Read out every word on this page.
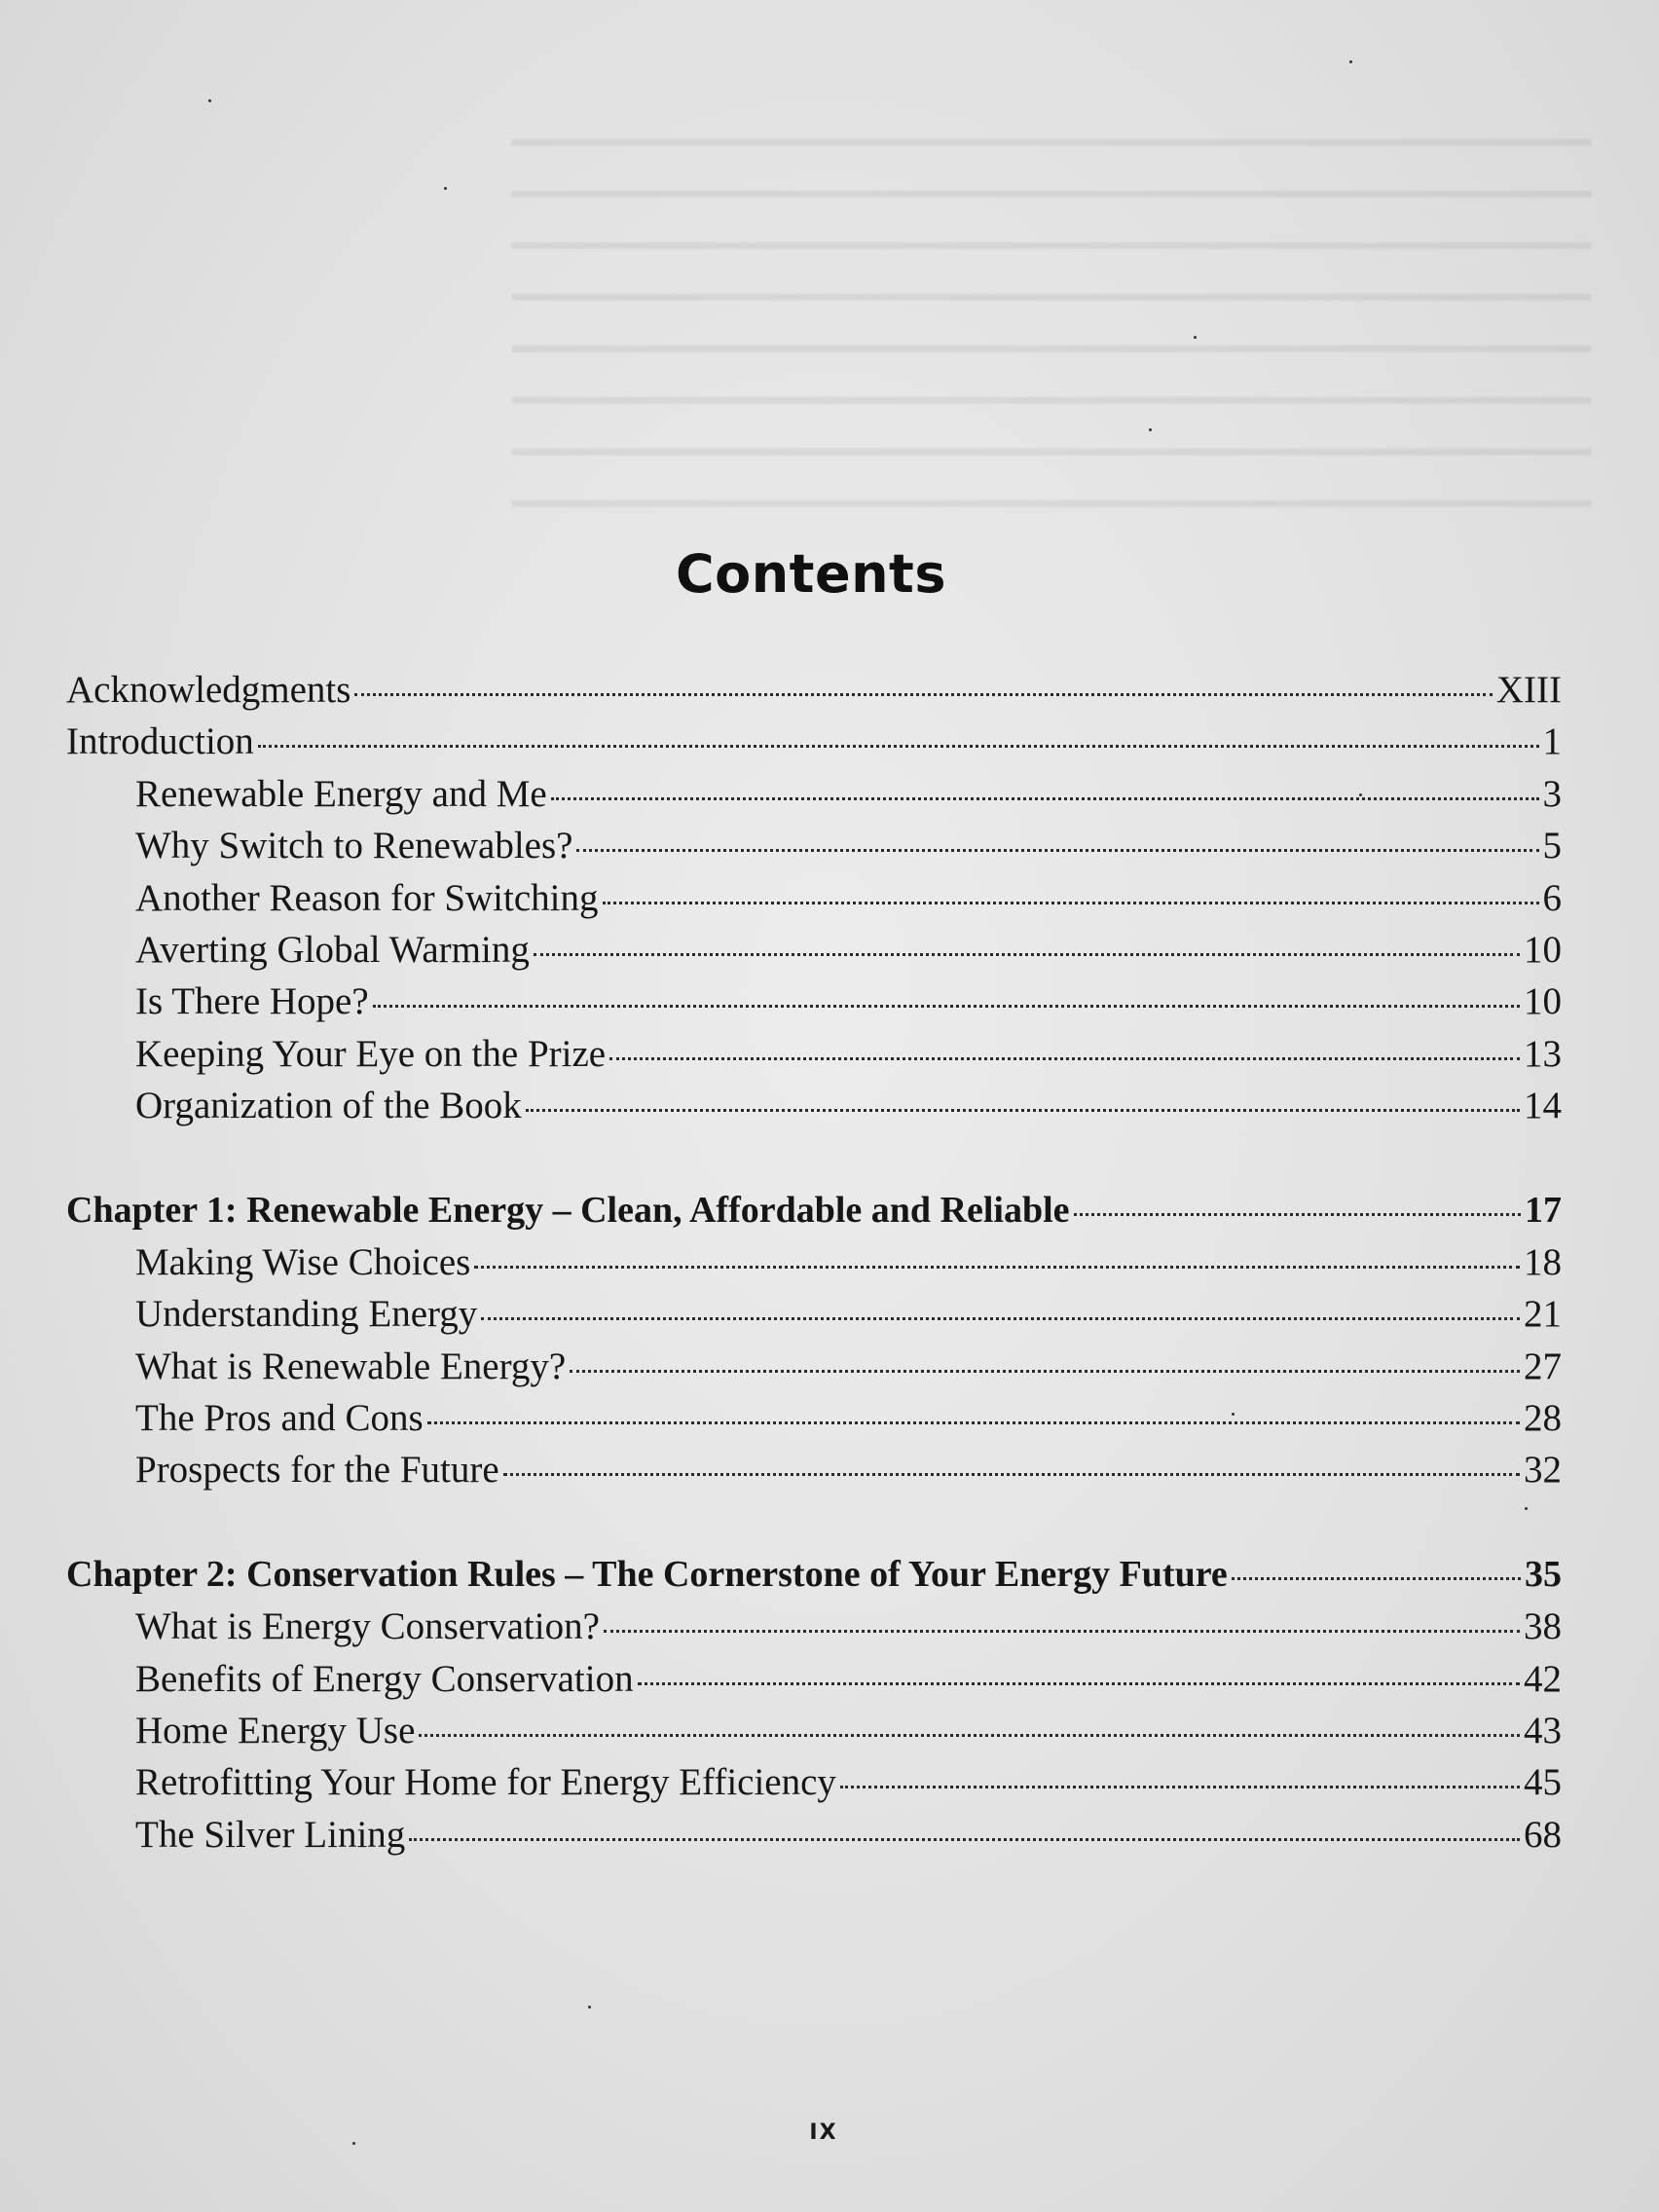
━━━━━━━━━━━━━━━━━━━━━━━━━━━━━━━━━━━━━━━━━━━━━━
━━━━━━━━━━━━━━━━━━━━━━━━━━━━━━━━━━━━━━━━━━━━━━
━━━━━━━━━━━━━━━━━━━━━━━━━━━━━━━━━━━━━━━━━━━━━━
━━━━━━━━━━━━━━━━━━━━━━━━━━━━━━━━━━━━━━━━━━━━━━
━━━━━━━━━━━━━━━━━━━━━━━━━━━━━━━━━━━━━━━━━━━━━━
━━━━━━━━━━━━━━━━━━━━━━━━━━━━━━━━━━━━━━━━━━━━━━
━━━━━━━━━━━━━━━━━━━━━━━━━━━━━━━━━━━━━━━━━━━━━━
━━━━━━━━━━━━━━━━━━━━━━━━━━━━━━━━━━━━━━━━━━━━━━
Contents
Acknowledgments	XIII
Introduction	1
Renewable Energy and Me	3
Why Switch to Renewables?	5
Another Reason for Switching	6
Averting Global Warming	10
Is There Hope?	10
Keeping Your Eye on the Prize	13
Organization of the Book	14
Chapter 1: Renewable Energy – Clean, Affordable and Reliable	17
Making Wise Choices	18
Understanding Energy	21
What is Renewable Energy?	27
The Pros and Cons	28
Prospects for the Future	32
Chapter 2: Conservation Rules – The Cornerstone of Your Energy Future	35
What is Energy Conservation?	38
Benefits of Energy Conservation	42
Home Energy Use	43
Retrofitting Your Home for Energy Efficiency	45
The Silver Lining	68
IX
